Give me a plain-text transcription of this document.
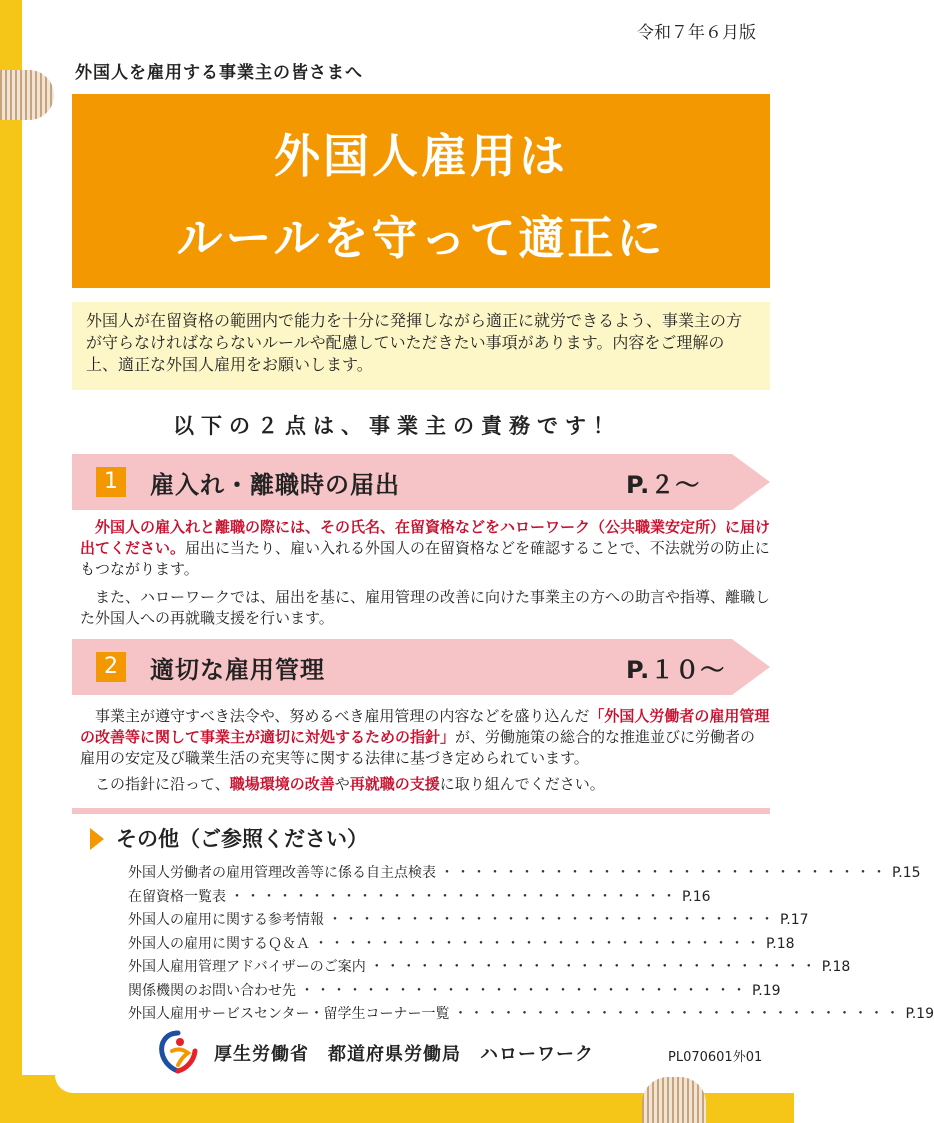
令和７年６月版
外国人を雇用する事業主の皆さまへ
外国人雇用は
ルールを守って適正に
外国人が在留資格の範囲内で能力を十分に発揮しながら適正に就労できるよう、事業主の方が守らなければならないルールや配慮していただきたい事項があります。内容をご理解の上、適正な外国人雇用をお願いします。
以下の２点は、事業主の責務です！
1	雇入れ・離職時の届出	P.２～
外国人の雇入れと離職の際には、その氏名、在留資格などをハローワーク（公共職業安定所）に届け出てください。届出に当たり、雇い入れる外国人の在留資格などを確認することで、不法就労の防止にもつながります。
また、ハローワークでは、届出を基に、雇用管理の改善に向けた事業主の方への助言や指導、離職した外国人への再就職支援を行います。
2	適切な雇用管理	P.１０～
事業主が遵守すべき法令や、努めるべき雇用管理の内容などを盛り込んだ「外国人労働者の雇用管理の改善等に関して事業主が適切に対処するための指針」が、労働施策の総合的な推進並びに労働者の雇用の安定及び職業生活の充実等に関する法律に基づき定められています。
この指針に沿って、職場環境の改善や再就職の支援に取り組んでください。
その他（ご参照ください）
外国人労働者の雇用管理改善等に係る自主点検表 ・・・・・・・・・・・・・・・・・・・・・・・・・・・・ P.15
在留資格一覧表 ・・・・・・・・・・・・・・・・・・・・・・・・・・・・ P.16
外国人の雇用に関する参考情報 ・・・・・・・・・・・・・・・・・・・・・・・・・・・・ P.17
外国人の雇用に関するＱ＆Ａ ・・・・・・・・・・・・・・・・・・・・・・・・・・・・ P.18
外国人雇用管理アドバイザーのご案内 ・・・・・・・・・・・・・・・・・・・・・・・・・・・・ P.18
関係機関のお問い合わせ先 ・・・・・・・・・・・・・・・・・・・・・・・・・・・・ P.19
外国人雇用サービスセンター・留学生コーナー一覧 ・・・・・・・・・・・・・・・・・・・・・・・・・・・・ P.19
厚生労働省　都道府県労働局　ハローワーク	PL070601外01
